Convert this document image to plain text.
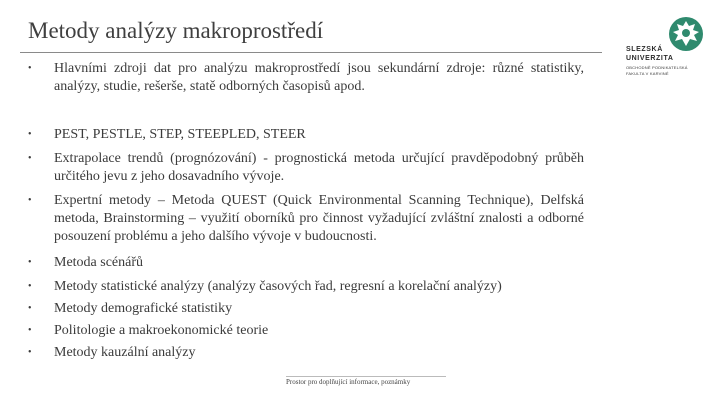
Metody analýzy makroprostředí
SLEZSKÁ
UNIVERZITA
OBCHODNĚ PODNIKATELSKÁ
FAKULTA V KARVINÉ
• Hlavními zdroji dat pro analýzu makroprostředí jsou sekundární zdroje: různé statistiky, analýzy, studie, rešerše, statě odborných časopisů apod.
• PEST, PESTLE, STEP, STEEPLED, STEER
• Extrapolace trendů (prognózování) - prognostická metoda určující pravděpodobný průběh určitého jevu z jeho dosavadního vývoje.
• Expertní metody – Metoda QUEST (Quick Environmental Scanning Technique), Delfská metoda, Brainstorming – využití oborníků pro činnost vyžadující zvláštní znalosti a odborné posouzení problému a jeho dalšího vývoje v budoucnosti.
• Metoda scénářů
• Metody statistické analýzy (analýzy časových řad, regresní a korelační analýzy)
• Metody demografické statistiky
• Politologie a makroekonomické teorie
• Metody kauzální analýzy
Prostor pro doplňující informace, poznámky
